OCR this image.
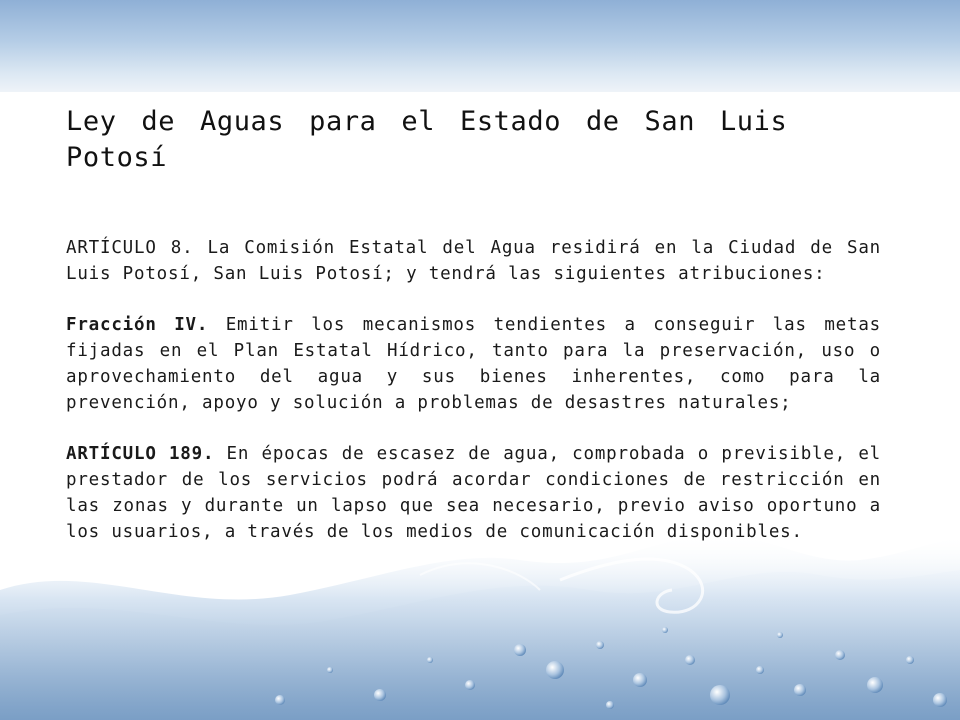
Ley de Aguas para el Estado de San Luis Potosí

ARTÍCULO 8. La Comisión Estatal del Agua residirá en la Ciudad de San Luis Potosí, San Luis Potosí; y tendrá las siguientes atribuciones:

Fracción IV. Emitir los mecanismos tendientes a conseguir las metas fijadas en el Plan Estatal Hídrico, tanto para la preservación, uso o aprovechamiento del agua y sus bienes inherentes, como para la prevención, apoyo y solución a problemas de desastres naturales;

ARTÍCULO 189. En épocas de escasez de agua, comprobada o previsible, el prestador de los servicios podrá acordar condiciones de restricción en las zonas y durante un lapso que sea necesario, previo aviso oportuno a los usuarios, a través de los medios de comunicación disponibles.
